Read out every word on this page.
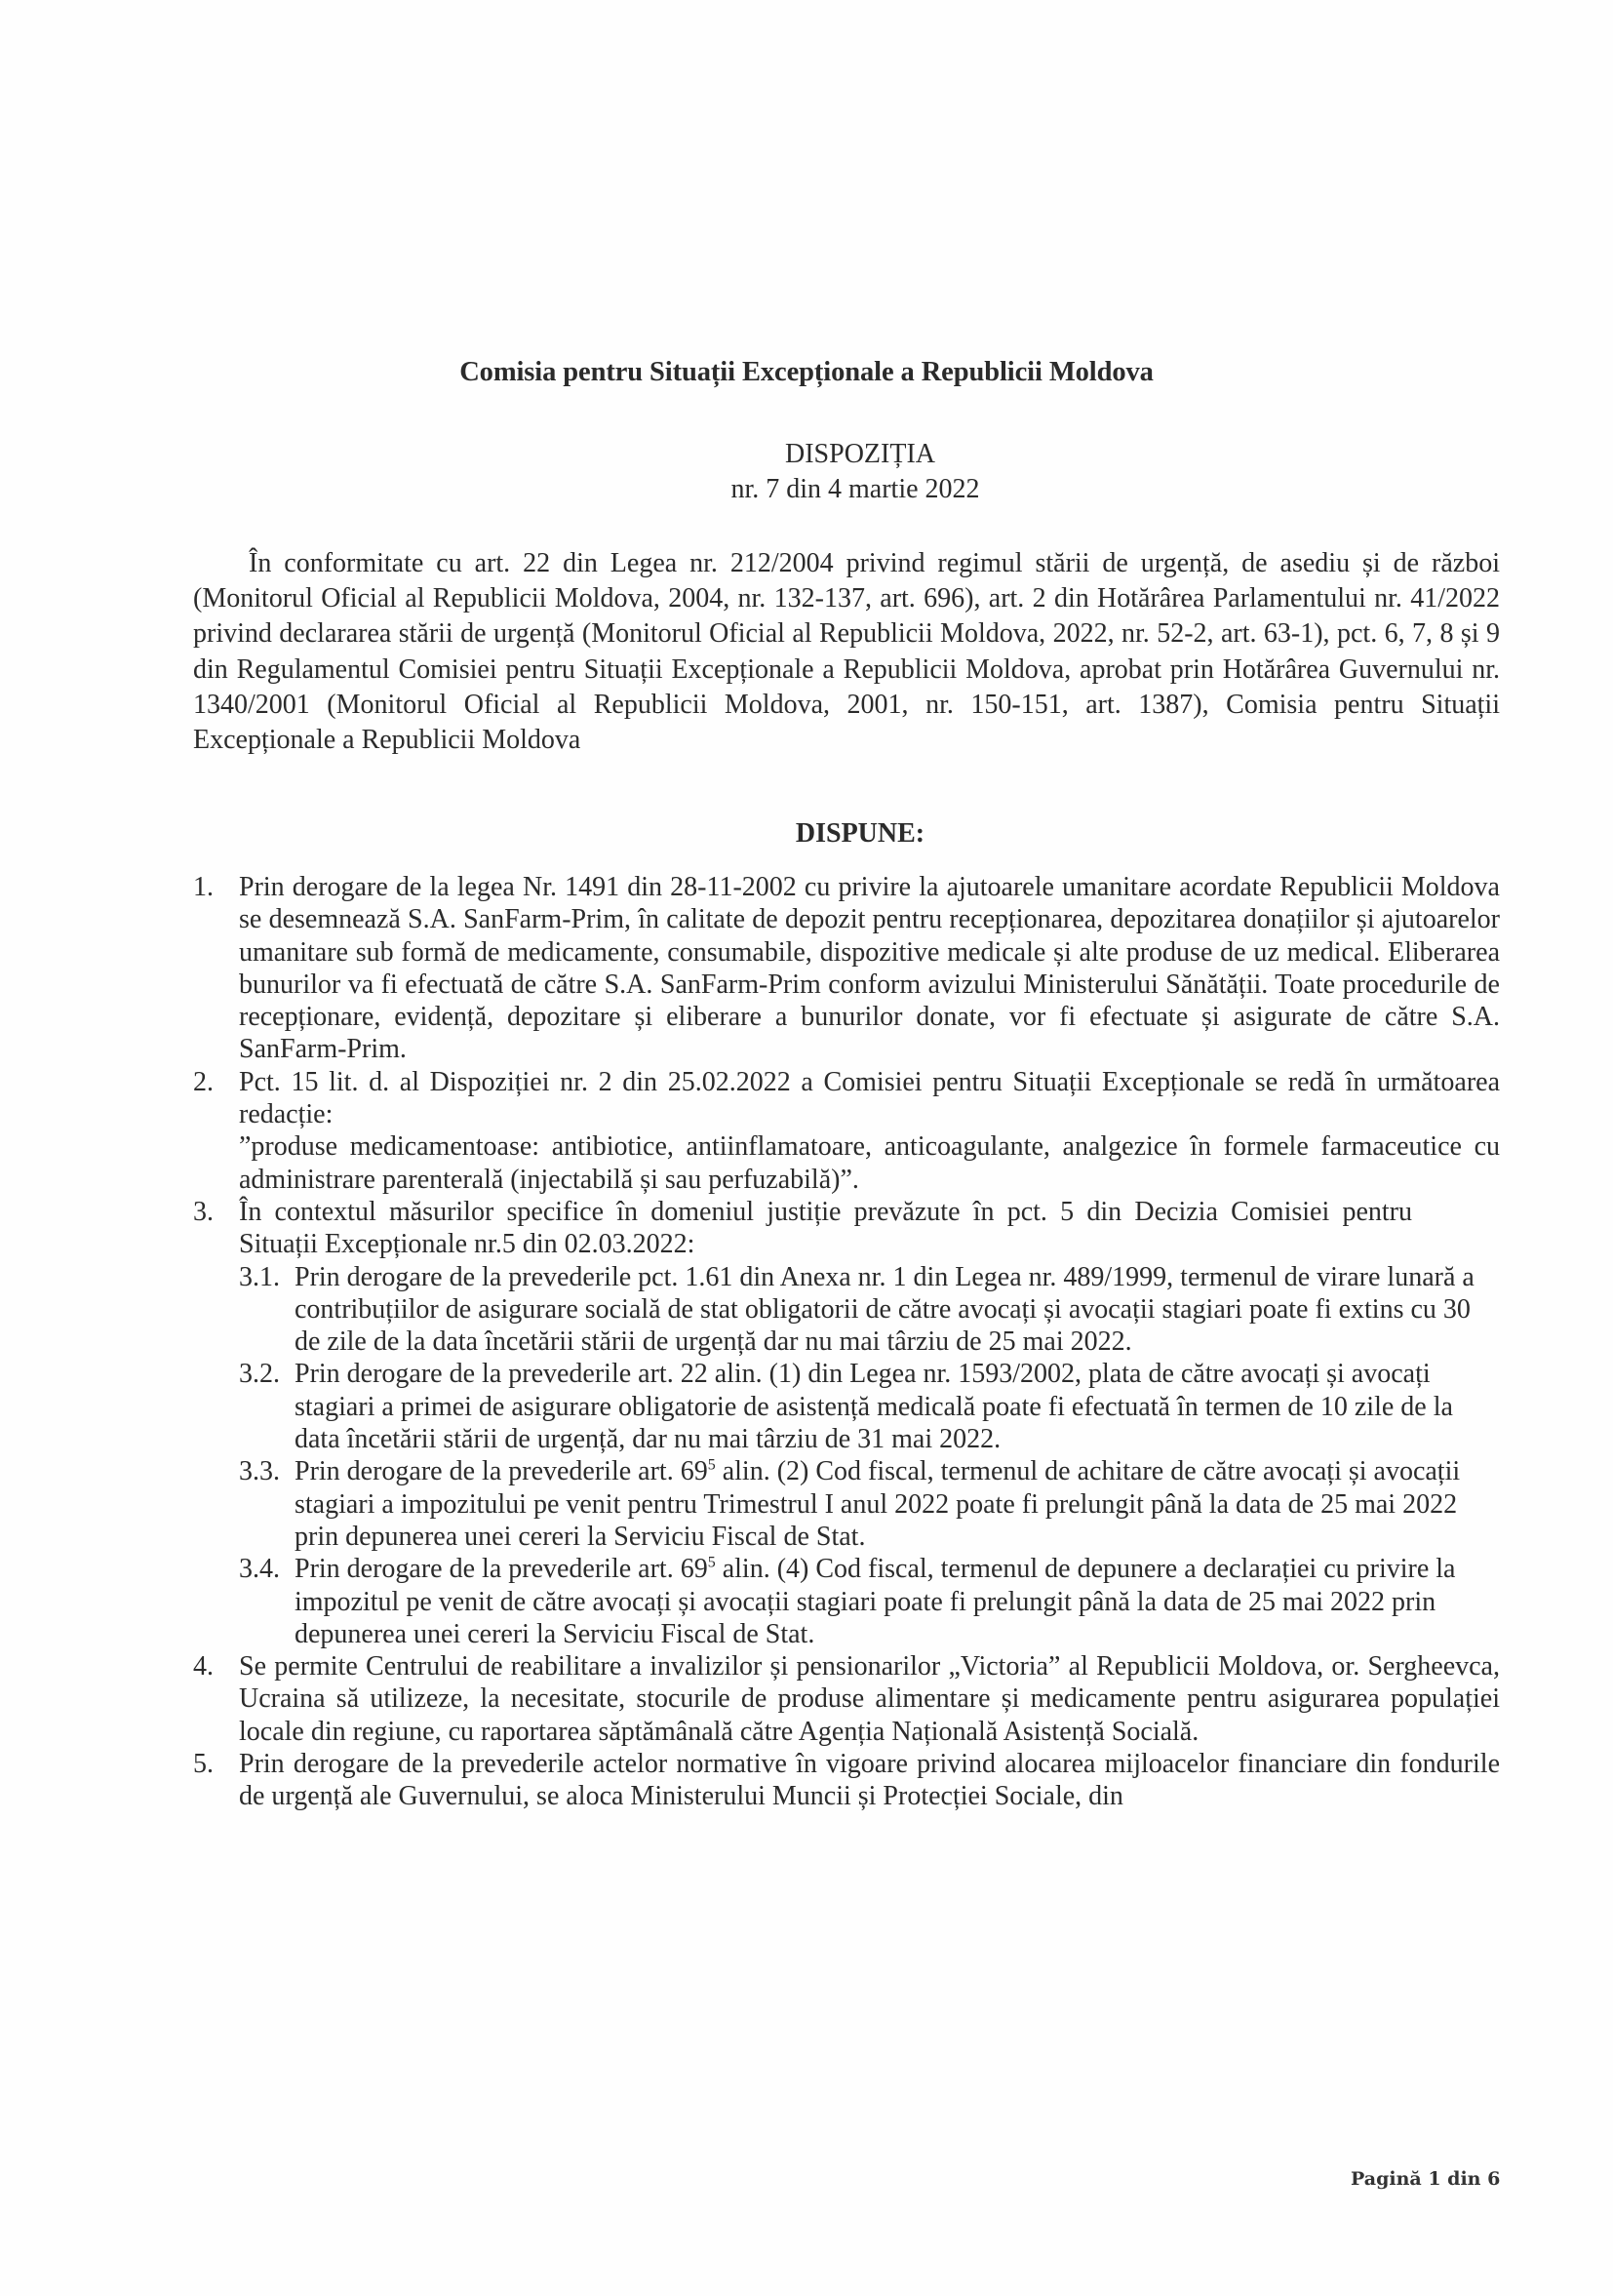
Comisia pentru Situații Excepționale a Republicii Moldova
DISPOZIȚIA
nr. 7 din 4 martie 2022

În conformitate cu art. 22 din Legea nr. 212/2004 privind regimul stării de urgență, de asediu și de război (Monitorul Oficial al Republicii Moldova, 2004, nr. 132-137, art. 696), art. 2 din Hotărârea Parlamentului nr. 41/2022 privind declararea stării de urgență (Monitorul Oficial al Republicii Moldova, 2022, nr. 52-2, art. 63-1), pct. 6, 7, 8 și 9 din Regulamentul Comisiei pentru Situații Excepționale a Republicii Moldova, aprobat prin Hotărârea Guvernului nr. 1340/2001 (Monitorul Oficial al Republicii Moldova, 2001, nr. 150-151, art. 1387), Comisia pentru Situații Excepționale a Republicii Moldova

DISPUNE:
1. Prin derogare de la legea Nr. 1491 din 28-11-2002 cu privire la ajutoarele umanitare acordate Republicii Moldova se desemnează S.A. SanFarm-Prim, în calitate de depozit pentru recepționarea, depozitarea donațiilor și ajutoarelor umanitare sub formă de medicamente, consumabile, dispozitive medicale și alte produse de uz medical. Eliberarea bunurilor va fi efectuată de către S.A. SanFarm-Prim conform avizului Ministerului Sănătății. Toate procedurile de recepționare, evidență, depozitare și eliberare a bunurilor donate, vor fi efectuate și asigurate de către S.A. SanFarm-Prim.
2. Pct. 15 lit. d. al Dispoziției nr. 2 din 25.02.2022 a Comisiei pentru Situații Excepționale se redă în următoarea redacție:
”produse medicamentoase: antibiotice, antiinflamatoare, anticoagulante, analgezice în formele farmaceutice cu administrare parenterală (injectabilă și sau perfuzabilă)”.
3. În contextul măsurilor specifice în domeniul justiție prevăzute în pct. 5 din Decizia Comisiei pentru Situații Excepționale nr.5 din 02.03.2022:
3.1. Prin derogare de la prevederile pct. 1.61 din Anexa nr. 1 din Legea nr. 489/1999, termenul de virare lunară a contribuțiilor de asigurare socială de stat obligatorii de către avocați și avocații stagiari poate fi extins cu 30 de zile de la data încetării stării de urgență dar nu mai târziu de 25 mai 2022.
3.2. Prin derogare de la prevederile art. 22 alin. (1) din Legea nr. 1593/2002, plata de către avocați și avocați stagiari a primei de asigurare obligatorie de asistență medicală poate fi efectuată în termen de 10 zile de la data încetării stării de urgență, dar nu mai târziu de 31 mai 2022.
3.3. Prin derogare de la prevederile art. $69^5$ alin. (2) Cod fiscal, termenul de achitare de către avocați și avocații stagiari a impozitului pe venit pentru Trimestrul I anul 2022 poate fi prelungit până la data de 25 mai 2022 prin depunerea unei cereri la Serviciu Fiscal de Stat.
3.4. Prin derogare de la prevederile art. $69^5$ alin. (4) Cod fiscal, termenul de depunere a declarației cu privire la impozitul pe venit de către avocați și avocații stagiari poate fi prelungit până la data de 25 mai 2022 prin depunerea unei cereri la Serviciu Fiscal de Stat.
4. Se permite Centrului de reabilitare a invalizilor și pensionarilor „Victoria” al Republicii Moldova, or. Sergheevca, Ucraina să utilizeze, la necesitate, stocurile de produse alimentare și medicamente pentru asigurarea populației locale din regiune, cu raportarea săptămânală către Agenția Națională Asistență Socială.
5. Prin derogare de la prevederile actelor normative în vigoare privind alocarea mijloacelor financiare din fondurile de urgență ale Guvernului, se aloca Ministerului Muncii și Protecției Sociale, din
Pagină 1 din 6
